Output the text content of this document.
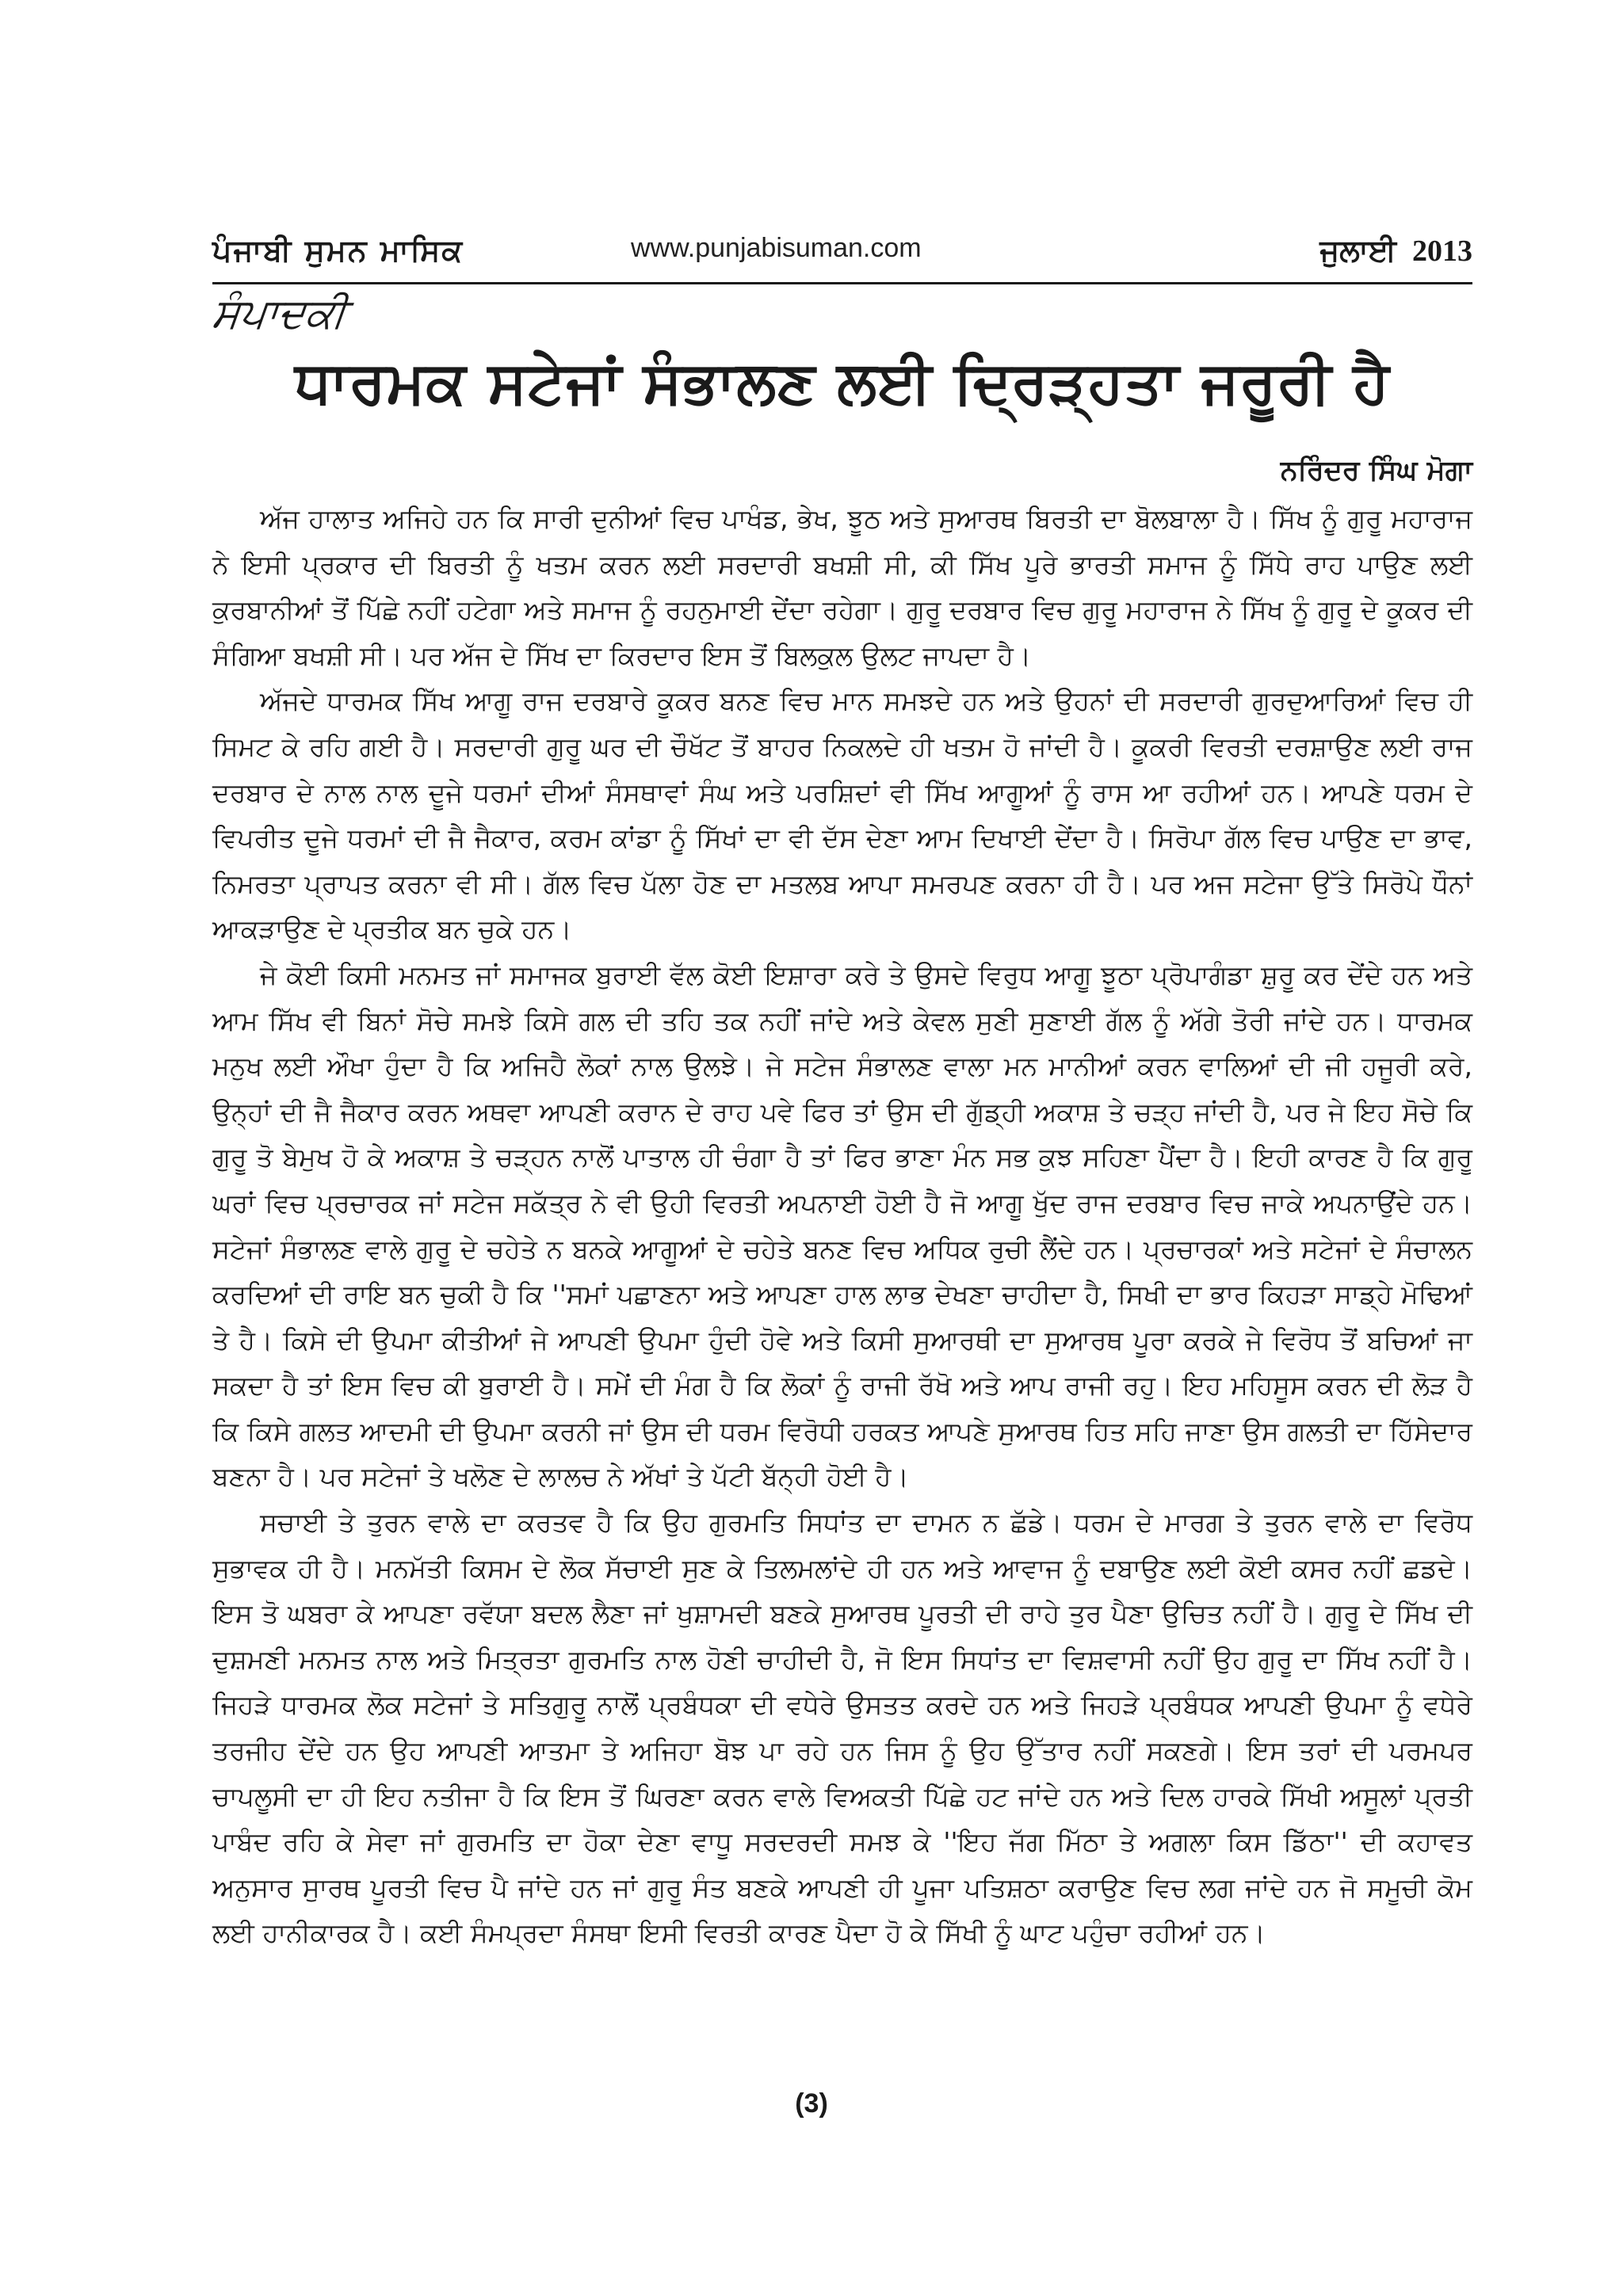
ਪੰਜਾਬੀ ਸੁਮਨ ਮਾਸਿਕ	www.punjabisuman.com	ਜੁਲਾਈ 2013
ਸੰਪਾਦਕੀ
ਧਾਰਮਕ ਸਟੇਜਾਂ ਸੰਭਾਲਣ ਲਈ ਦ੍ਰਿੜ੍ਹਤਾ ਜਰੂਰੀ ਹੈ
ਨਰਿੰਦਰ ਸਿੰਘ ਮੋਗਾ

ਅੱਜ ਹਾਲਾਤ ਅਜਿਹੇ ਹਨ ਕਿ ਸਾਰੀ ਦੁਨੀਆਂ ਵਿਚ ਪਾਖੰਡ, ਭੇਖ, ਝੂਠ ਅਤੇ ਸੁਆਰਥ ਬਿਰਤੀ ਦਾ ਬੋਲਬਾਲਾ ਹੈ। ਸਿੱਖ ਨੂੰ ਗੁਰੂ ਮਹਾਰਾਜ ਨੇ ਇਸੀ ਪ੍ਰਕਾਰ ਦੀ ਬਿਰਤੀ ਨੂੰ ਖਤਮ ਕਰਨ ਲਈ ਸਰਦਾਰੀ ਬਖਸ਼ੀ ਸੀ, ਕੀ ਸਿੱਖ ਪੂਰੇ ਭਾਰਤੀ ਸਮਾਜ ਨੂੰ ਸਿੱਧੇ ਰਾਹ ਪਾਉਣ ਲਈ ਕੁਰਬਾਨੀਆਂ ਤੋਂ ਪਿੱਛੇ ਨਹੀਂ ਹਟੇਗਾ ਅਤੇ ਸਮਾਜ ਨੂੰ ਰਹਨੁਮਾਈ ਦੇਂਦਾ ਰਹੇਗਾ। ਗੁਰੂ ਦਰਬਾਰ ਵਿਚ ਗੁਰੂ ਮਹਾਰਾਜ ਨੇ ਸਿੱਖ ਨੂੰ ਗੁਰੂ ਦੇ ਕੂਕਰ ਦੀ ਸੰਗਿਆ ਬਖਸ਼ੀ ਸੀ। ਪਰ ਅੱਜ ਦੇ ਸਿੱਖ ਦਾ ਕਿਰਦਾਰ ਇਸ ਤੋਂ ਬਿਲਕੁਲ ਉਲਟ ਜਾਪਦਾ ਹੈ।

ਅੱਜਦੇ ਧਾਰਮਕ ਸਿੱਖ ਆਗੂ ਰਾਜ ਦਰਬਾਰੇ ਕੂਕਰ ਬਨਣ ਵਿਚ ਮਾਨ ਸਮਝਦੇ ਹਨ ਅਤੇ ਉਹਨਾਂ ਦੀ ਸਰਦਾਰੀ ਗੁਰਦੁਆਰਿਆਂ ਵਿਚ ਹੀ ਸਿਮਟ ਕੇ ਰਹਿ ਗਈ ਹੈ। ਸਰਦਾਰੀ ਗੁਰੂ ਘਰ ਦੀ ਚੌਖੱਟ ਤੋਂ ਬਾਹਰ ਨਿਕਲਦੇ ਹੀ ਖਤਮ ਹੋ ਜਾਂਦੀ ਹੈ। ਕੂਕਰੀ ਵਿਰਤੀ ਦਰਸ਼ਾਉਣ ਲਈ ਰਾਜ ਦਰਬਾਰ ਦੇ ਨਾਲ ਨਾਲ ਦੂਜੇ ਧਰਮਾਂ ਦੀਆਂ ਸੰਸਥਾਵਾਂ ਸੰਘ ਅਤੇ ਪਰਸ਼ਿਦਾਂ ਵੀ ਸਿੱਖ ਆਗੂਆਂ ਨੂੰ ਰਾਸ ਆ ਰਹੀਆਂ ਹਨ। ਆਪਣੇ ਧਰਮ ਦੇ ਵਿਪਰੀਤ ਦੂਜੇ ਧਰਮਾਂ ਦੀ ਜੈ ਜੈਕਾਰ, ਕਰਮ ਕਾਂਡਾ ਨੂੰ ਸਿੱਖਾਂ ਦਾ ਵੀ ਦੱਸ ਦੇਣਾ ਆਮ ਦਿਖਾਈ ਦੇਂਦਾ ਹੈ। ਸਿਰੋਪਾ ਗੱਲ ਵਿਚ ਪਾਉਣ ਦਾ ਭਾਵ, ਨਿਮਰਤਾ ਪ੍ਰਾਪਤ ਕਰਨਾ ਵੀ ਸੀ। ਗੱਲ ਵਿਚ ਪੱਲਾ ਹੋਣ ਦਾ ਮਤਲਬ ਆਪਾ ਸਮਰਪਣ ਕਰਨਾ ਹੀ ਹੈ। ਪਰ ਅਜ ਸਟੇਜਾ ਉੱਤੇ ਸਿਰੋਪੇ ਧੌਨਾਂ ਆਕੜਾਉਣ ਦੇ ਪ੍ਰਤੀਕ ਬਨ ਚੁਕੇ ਹਨ।

ਜੇ ਕੋਈ ਕਿਸੀ ਮਨਮਤ ਜਾਂ ਸਮਾਜਕ ਬੁਰਾਈ ਵੱਲ ਕੋਈ ਇਸ਼ਾਰਾ ਕਰੇ ਤੇ ਉਸਦੇ ਵਿਰੁਧ ਆਗੂ ਝੂਠਾ ਪ੍ਰੋਪਾਗੰਡਾ ਸ਼ੁਰੂ ਕਰ ਦੇਂਦੇ ਹਨ ਅਤੇ ਆਮ ਸਿੱਖ ਵੀ ਬਿਨਾਂ ਸੋਚੇ ਸਮਝੇ ਕਿਸੇ ਗਲ ਦੀ ਤਹਿ ਤਕ ਨਹੀਂ ਜਾਂਦੇ ਅਤੇ ਕੇਵਲ ਸੁਣੀ ਸੁਣਾਈ ਗੱਲ ਨੂੰ ਅੱਗੇ ਤੋਰੀ ਜਾਂਦੇ ਹਨ। ਧਾਰਮਕ ਮਨੁਖ ਲਈ ਔਖਾ ਹੁੰਦਾ ਹੈ ਕਿ ਅਜਿਹੈ ਲੋਕਾਂ ਨਾਲ ਉਲਝੇ। ਜੇ ਸਟੇਜ ਸੰਭਾਲਣ ਵਾਲਾ ਮਨ ਮਾਨੀਆਂ ਕਰਨ ਵਾਲਿਆਂ ਦੀ ਜੀ ਹਜੂਰੀ ਕਰੇ, ਉਨ੍ਹਾਂ ਦੀ ਜੈ ਜੈਕਾਰ ਕਰਨ ਅਥਵਾ ਆਪਣੀ ਕਰਾਨ ਦੇ ਰਾਹ ਪਵੇ ਫਿਰ ਤਾਂ ਉਸ ਦੀ ਗੁੱਡ੍ਹੀ ਅਕਾਸ਼ ਤੇ ਚੜ੍ਹ ਜਾਂਦੀ ਹੈ, ਪਰ ਜੇ ਇਹ ਸੋਚੇ ਕਿ ਗੁਰੂ ਤੋ ਬੇਮੁਖ ਹੋ ਕੇ ਅਕਾਸ਼ ਤੇ ਚੜ੍ਹਨ ਨਾਲੋਂ ਪਾਤਾਲ ਹੀ ਚੰਗਾ ਹੈ ਤਾਂ ਫਿਰ ਭਾਣਾ ਮੰਨ ਸਭ ਕੁਝ ਸਹਿਣਾ ਪੈਂਦਾ ਹੈ। ਇਹੀ ਕਾਰਣ ਹੈ ਕਿ ਗੁਰੂ ਘਰਾਂ ਵਿਚ ਪ੍ਰਚਾਰਕ ਜਾਂ ਸਟੇਜ ਸਕੱਤ੍ਰ ਨੇ ਵੀ ਉਹੀ ਵਿਰਤੀ ਅਪਨਾਈ ਹੋਈ ਹੈ ਜੋ ਆਗੂ ਖੁੱਦ ਰਾਜ ਦਰਬਾਰ ਵਿਚ ਜਾਕੇ ਅਪਨਾਉਂਦੇ ਹਨ।ਸਟੇਜਾਂ ਸੰਭਾਲਣ ਵਾਲੇ ਗੁਰੂ ਦੇ ਚਹੇਤੇ ਨ ਬਨਕੇ ਆਗੂਆਂ ਦੇ ਚਹੇਤੇ ਬਨਣ ਵਿਚ ਅਧਿਕ ਰੁਚੀ ਲੈਂਦੇ ਹਨ। ਪ੍ਰਚਾਰਕਾਂ ਅਤੇ ਸਟੇਜਾਂ ਦੇ ਸੰਚਾਲਨ ਕਰਦਿਆਂ ਦੀ ਰਾਇ ਬਨ ਚੁਕੀ ਹੈ ਕਿ ''ਸਮਾਂ ਪਛਾਣਨਾ ਅਤੇ ਆਪਣਾ ਹਾਲ ਲਾਭ ਦੇਖਣਾ ਚਾਹੀਦਾ ਹੈ, ਸਿਖੀ ਦਾ ਭਾਰ ਕਿਹੜਾ ਸਾਡ੍ਹੇ ਮੋਢਿਆਂ ਤੇ ਹੈ। ਕਿਸੇ ਦੀ ਉਪਮਾ ਕੀਤੀਆਂ ਜੇ ਆਪਣੀ ਉਪਮਾ ਹੁੰਦੀ ਹੋਵੇ ਅਤੇ ਕਿਸੀ ਸੁਆਰਥੀ ਦਾ ਸੁਆਰਥ ਪੂਰਾ ਕਰਕੇ ਜੇ ਵਿਰੋਧ ਤੋਂ ਬਚਿਆਂ ਜਾ ਸਕਦਾ ਹੈ ਤਾਂ ਇਸ ਵਿਚ ਕੀ ਬੁਰਾਈ ਹੈ। ਸਮੇਂ ਦੀ ਮੰਗ ਹੈ ਕਿ ਲੋਕਾਂ ਨੂੰ ਰਾਜੀ ਰੱਖੋ ਅਤੇ ਆਪ ਰਾਜੀ ਰਹੁ। ਇਹ ਮਹਿਸੂਸ ਕਰਨ ਦੀ ਲੋੜ ਹੈ ਕਿ ਕਿਸੇ ਗਲਤ ਆਦਮੀ ਦੀ ਉਪਮਾ ਕਰਨੀ ਜਾਂ ਉਸ ਦੀ ਧਰਮ ਵਿਰੋਧੀ ਹਰਕਤ ਆਪਣੇ ਸੁਆਰਥ ਹਿਤ ਸਹਿ ਜਾਣਾ ਉਸ ਗਲਤੀ ਦਾ ਹਿੱਸੇਦਾਰ ਬਣਨਾ ਹੈ। ਪਰ ਸਟੇਜਾਂ ਤੇ ਖਲੋਣ ਦੇ ਲਾਲਚ ਨੇ ਅੱਖਾਂ ਤੇ ਪੱਟੀ ਬੱਨ੍ਹੀ ਹੋਈ ਹੈ।

ਸਚਾਈ ਤੇ ਤੁਰਨ ਵਾਲੇ ਦਾ ਕਰਤਵ ਹੈ ਕਿ ਉਹ ਗੁਰਮਤਿ ਸਿਧਾਂਤ ਦਾ ਦਾਮਨ ਨ ਛੱਡੇ। ਧਰਮ ਦੇ ਮਾਰਗ ਤੇ ਤੁਰਨ ਵਾਲੇ ਦਾ ਵਿਰੋਧ ਸੁਭਾਵਕ ਹੀ ਹੈ। ਮਨਮੱਤੀ ਕਿਸਮ ਦੇ ਲੋਕ ਸੱਚਾਈ ਸੁਣ ਕੇ ਤਿਲਮਲਾਂਦੇ ਹੀ ਹਨ ਅਤੇ ਆਵਾਜ ਨੂੰ ਦਬਾਉਣ ਲਈ ਕੋਈ ਕਸਰ ਨਹੀਂ ਛਡਦੇ। ਇਸ ਤੋ ਘਬਰਾ ਕੇ ਆਪਣਾ ਰਵੱਯਾ ਬਦਲ ਲੈਣਾ ਜਾਂ ਖੁਸ਼ਾਮਦੀ ਬਣਕੇ ਸੁਆਰਥ ਪੂਰਤੀ ਦੀ ਰਾਹੇ ਤੁਰ ਪੈਣਾ ਉਚਿਤ ਨਹੀਂ ਹੈ। ਗੁਰੂ ਦੇ ਸਿੱਖ ਦੀ ਦੁਸ਼ਮਣੀ ਮਨਮਤ ਨਾਲ ਅਤੇ ਮਿਤ੍ਰਤਾ ਗੁਰਮਤਿ ਨਾਲ ਹੋਣੀ ਚਾਹੀਦੀ ਹੈ, ਜੋ ਇਸ ਸਿਧਾਂਤ ਦਾ ਵਿਸ਼ਵਾਸੀ ਨਹੀਂ ਉਹ ਗੁਰੂ ਦਾ ਸਿੱਖ ਨਹੀਂ ਹੈ। ਜਿਹੜੇ ਧਾਰਮਕ ਲੋਕ ਸਟੇਜਾਂ ਤੇ ਸਤਿਗੁਰੂ ਨਾਲੋਂ ਪ੍ਰਬੰਧਕਾ ਦੀ ਵਧੇਰੇ ਉਸਤਤ ਕਰਦੇ ਹਨ ਅਤੇ ਜਿਹੜੇ ਪ੍ਰਬੰਧਕ ਆਪਣੀ ਉਪਮਾ ਨੂੰ ਵਧੇਰੇ ਤਰਜੀਹ ਦੇਂਦੇ ਹਨ ਉਹ ਆਪਣੀ ਆਤਮਾ ਤੇ ਅਜਿਹਾ ਬੋਝ ਪਾ ਰਹੇ ਹਨ ਜਿਸ ਨੂੰ ਉਹ ਉੱਤਾਰ ਨਹੀਂ ਸਕਣਗੇ। ਇਸ ਤਰਾਂ ਦੀ ਪਰਮਪਰ ਚਾਪਲੂਸੀ ਦਾ ਹੀ ਇਹ ਨਤੀਜਾ ਹੈ ਕਿ ਇਸ ਤੋਂ ਘਿਰਣਾ ਕਰਨ ਵਾਲੇ ਵਿਅਕਤੀ ਪਿੱਛੇ ਹਟ ਜਾਂਦੇ ਹਨ ਅਤੇ ਦਿਲ ਹਾਰਕੇ ਸਿੱਖੀ ਅਸੂਲਾਂ ਪ੍ਰਤੀ ਪਾਬੰਦ ਰਹਿ ਕੇ ਸੇਵਾ ਜਾਂ ਗੁਰਮਤਿ ਦਾ ਹੋਕਾ ਦੇਣਾ ਵਾਧੂ ਸਰਦਰਦੀ ਸਮਝ ਕੇ ''ਇਹ ਜੱਗ ਮਿੱਠਾ ਤੇ ਅਗਲਾ ਕਿਸ ਡਿੱਠਾ'' ਦੀ ਕਹਾਵਤ ਅਨੁਸਾਰ ਸੁਾਰਥ ਪੂਰਤੀ ਵਿਚ ਪੈ ਜਾਂਦੇ ਹਨ ਜਾਂ ਗੁਰੂ ਸੰਤ ਬਣਕੇ ਆਪਣੀ ਹੀ ਪੂਜਾ ਪਤਿਸ਼ਠਾ ਕਰਾਉਣ ਵਿਚ ਲਗ ਜਾਂਦੇ ਹਨ ਜੋ ਸਮੂਚੀ ਕੋਮ ਲਈ ਹਾਨੀਕਾਰਕ ਹੈ। ਕਈ ਸੰਮਪ੍ਰਦਾ ਸੰਸਥਾ ਇਸੀ ਵਿਰਤੀ ਕਾਰਣ ਪੈਦਾ ਹੋ ਕੇ ਸਿੱਖੀ ਨੂੰ ਘਾਟ ਪਹੁੰਚਾ ਰਹੀਆਂ ਹਨ।

(3)
